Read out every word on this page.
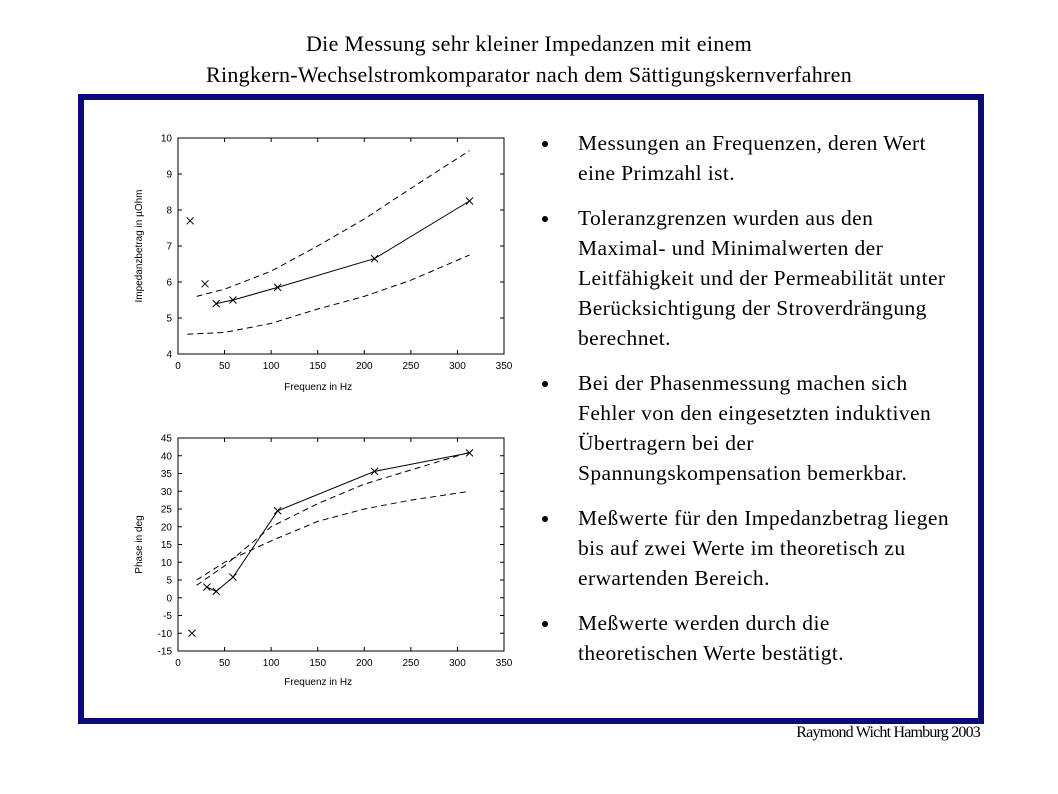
Die Messung sehr kleiner Impedanzen mit einem
Ringkern-Wechselstromkomparator nach dem Sättigungskernverfahren
0	50	100	150	200	250	300	350
4
5
6
7
8
9
10
Frequenz in Hz
Impedanzbetrag in µOhm
0	50	100	150	200	250	300	350
-15
-10
-5
0
5
10
15
20
25
30
35
40
45
Frequenz in Hz
Phase in deg
Messungen an Frequenzen, deren Wert eine Primzahl ist.
Toleranzgrenzen wurden aus den Maximal- und Minimalwerten der Leitfähigkeit und der Permeabilität unter Berücksichtigung der Stroverdrängung berechnet.
Bei der Phasenmessung machen sich Fehler von den eingesetzten induktiven Übertragern bei der Spannungskompensation bemerkbar.
Meßwerte für den Impedanzbetrag liegen bis auf zwei Werte im theoretisch zu erwartenden Bereich.
Meßwerte werden durch die theoretischen Werte bestätigt.
Raymond Wicht Hamburg 2003
